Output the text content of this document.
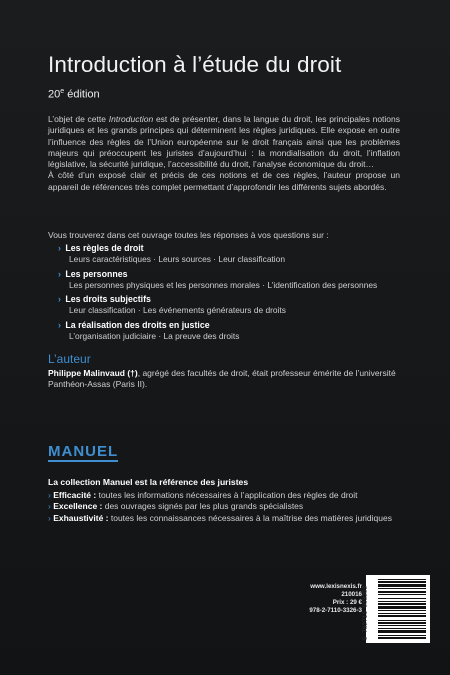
Introduction à l’étude du droit
20e édition

L’objet de cette Introduction est de présenter, dans la langue du droit, les principales notions juridiques et les grands principes qui déterminent les règles juridiques. Elle expose en outre l’influence des règles de l’Union européenne sur le droit français ainsi que les problèmes majeurs qui préoccupent les juristes d’aujourd’hui : la mondialisation du droit, l’inflation législative, la sécurité juridique, l’accessibilité du droit, l’analyse économique du droit…

À côté d’un exposé clair et précis de ces notions et de ces règles, l’auteur propose un appareil de références très complet permettant d’approfondir les différents sujets abordés.

Vous trouverez dans cet ouvrage toutes les réponses à vos questions sur :
› Les règles de droit
Leurs caractéristiques · Leurs sources · Leur classification
› Les personnes
Les personnes physiques et les personnes morales · L’identification des personnes
› Les droits subjectifs
Leur classification · Les événements générateurs de droits
› La réalisation des droits en justice
L’organisation judiciaire · La preuve des droits
L’auteur
Philippe Malinvaud (†), agrégé des facultés de droit, était professeur émérite de l’université Panthéon-Assas (Paris II).
MANUEL
La collection Manuel est la référence des juristes
› Efficacité : toutes les informations nécessaires à l’application des règles de droit
› Excellence : des ouvrages signés par les plus grands spécialistes
› Exhaustivité : toutes les connaissances nécessaires à la maîtrise des matières juridiques
www.lexisnexis.fr
210016
Prix : 29 €
978-2-7110-3326-3 9 782711 033263
